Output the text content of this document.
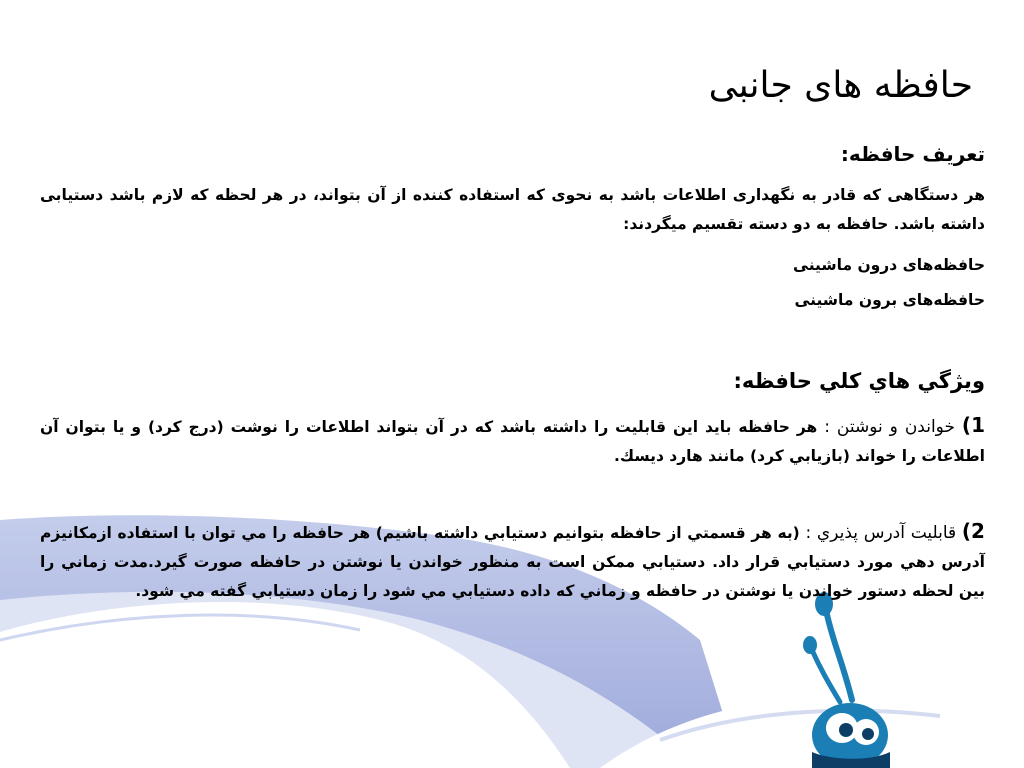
حافظه های جانبی
تعریف حافظه:
هر دستگاهی که قادر به نگهداری اطلاعات باشد به نحوی که استفاده کننده از آن بتواند، در هر لحظه که لازم باشد دستیابی داشته باشد. حافظه به دو دسته تقسیم میگردند:
حافظه‌های درون ماشینی
حافظه‌های برون ماشینی
ويژگي هاي كلي حافظه:
1) خواندن و نوشتن : هر حافظه بايد اين قابليت را داشته باشد كه در آن بتواند اطلاعات را نوشت (درج كرد) و يا بتوان آن اطلاعات را خواند (بازيابي كرد) مانند هارد ديسك.
2) قابليت آدرس پذيري : (به هر قسمتي از حافظه بتوانيم دستيابي داشته باشيم) هر حافظه را مي توان با استفاده ازمكانيزم آدرس دهي مورد دستيابي قرار داد. دستيابي ممكن است به منظور خواندن يا نوشتن در حافظه صورت گيرد.مدت زماني را بين لحظه دستور خواندن يا نوشتن در حافظه و زماني كه داده دستيابي مي شود را زمان دستيابي گفته مي شود.
